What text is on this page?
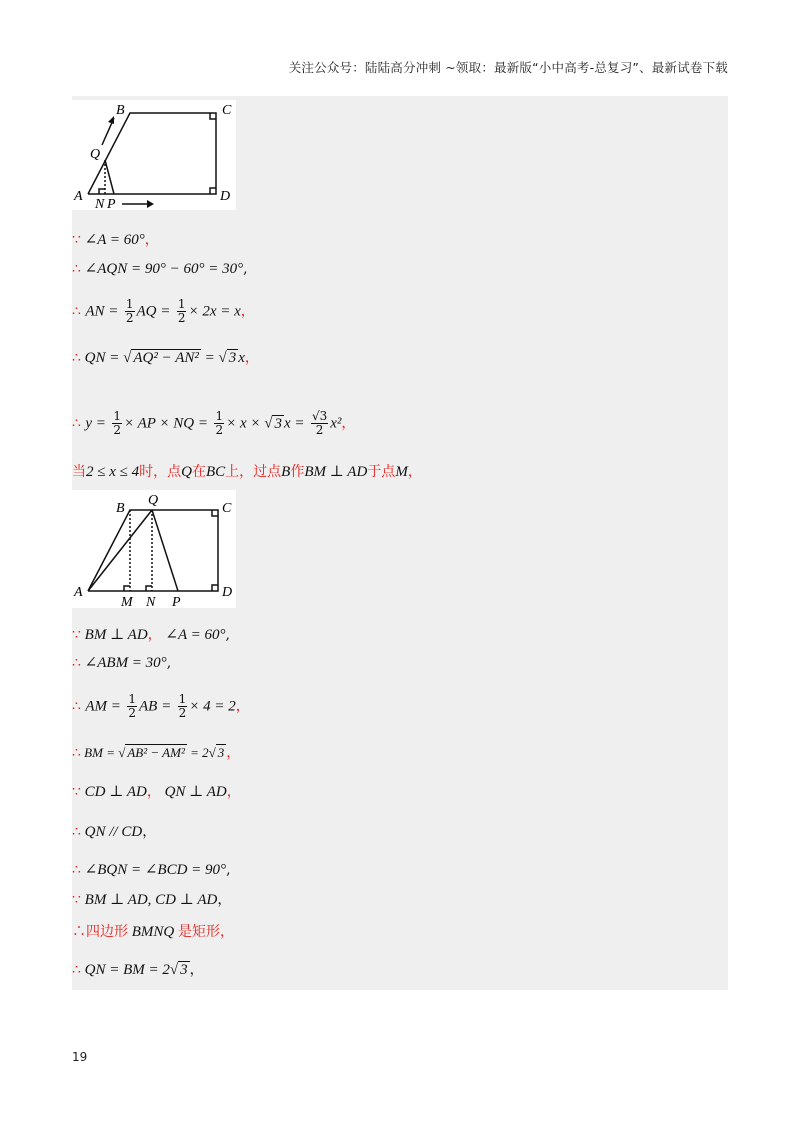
关注公众号：陆陆高分冲刺 ~领取：最新版“小中高考-总复习”、最新试卷下载
B	C
Q
A	D
N P
∵ ∠A = 60°，
∴ ∠AQN = 90° − 60° = 30°,
∴ AN = $\frac{1}{2}$ AQ = $\frac{1}{2} \times 2x = x$，
∴ QN = √ AQ² − AN² = √ 3 x，
∴ $y = \frac{1}{2}$ × AP × NQ = $\frac{1}{2} \times x$ × √ 3 $x = \frac{√3}{2} x^2$，
当2 ≤ x ≤ 4时，点Q在BC上，过点B作BM ⊥ AD于点M，
B
Q
C
A
M N P
D
∵ BM ⊥ AD， ∠A = 60°,
∴ ∠ABM = 30°,
∴ AM = $\frac{1}{2}$ AB = $\frac{1}{2} \times 4 = 2$，
∴ BM = √ AB² − AM² = 2√ 3 ，
∵ CD ⊥ AD， QN ⊥ AD，
∴ QN // CD，
∴ ∠BQN = ∠BCD = 90°,
∵ BM ⊥ AD, CD ⊥ AD，
∴四边形 BMNQ 是矩形，
∴ QN = BM = 2√ 3 ，
19
